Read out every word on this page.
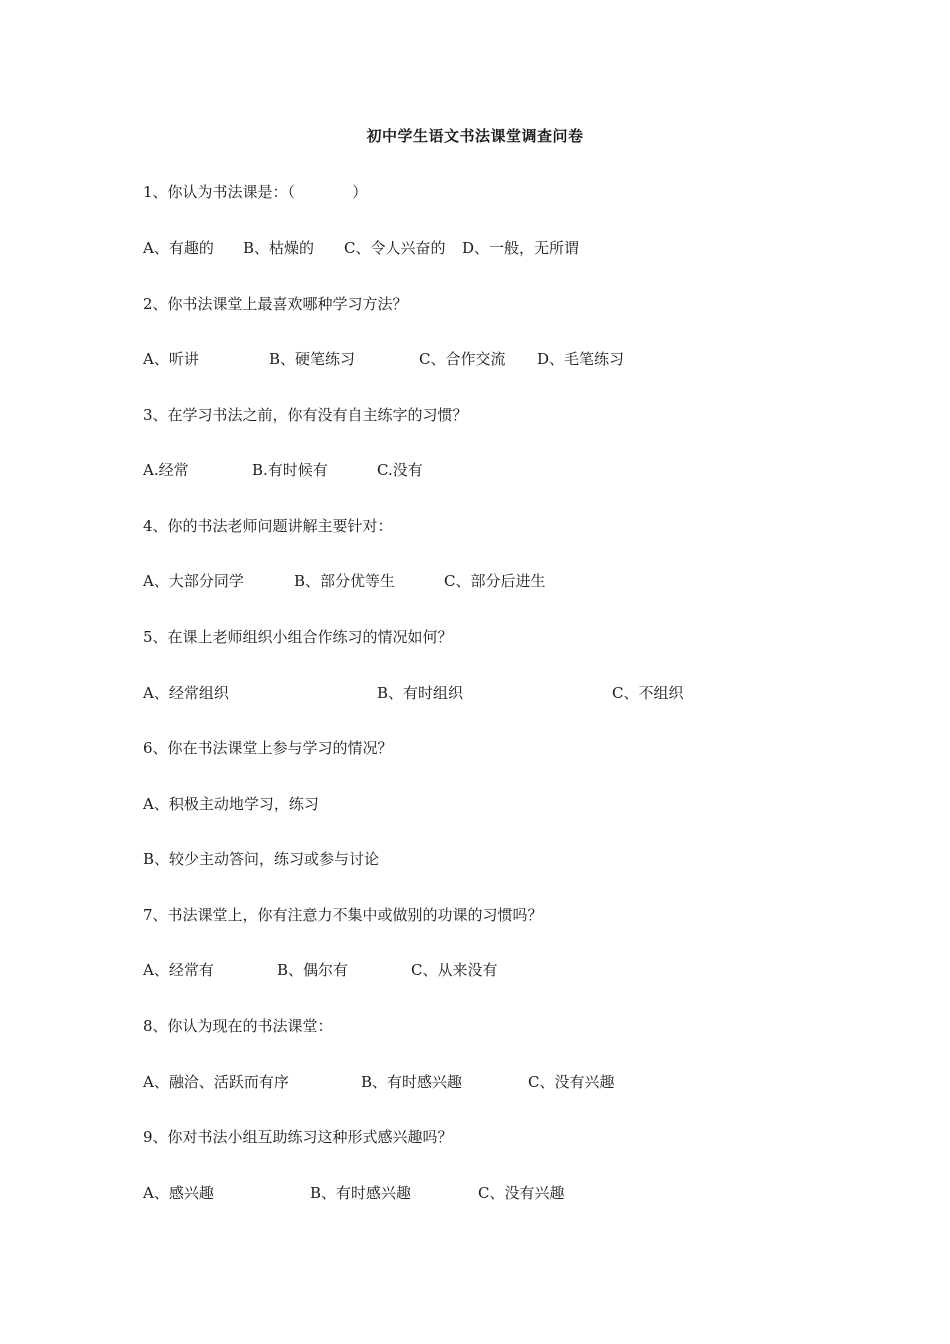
初中学生语文书法课堂调查问卷
1、你认为书法课是：（            ）
A、有趣的 B、枯燥的 C、令人兴奋的 D、一般，无所谓
2、你书法课堂上最喜欢哪种学习方法？
A、听讲	B、硬笔练习	C、合作交流 D、毛笔练习
3、在学习书法之前，你有没有自主练字的习惯？
A.经常	B.有时候有	C.没有
4、你的书法老师问题讲解主要针对：
A、大部分同学	B、部分优等生	C、部分后进生
5、在课上老师组织小组合作练习的情况如何？
A、经常组织	B、有时组织	C、不组织
6、你在书法课堂上参与学习的情况？
A、积极主动地学习，练习
B、较少主动答问，练习或参与讨论
7、书法课堂上，你有注意力不集中或做别的功课的习惯吗？
A、经常有	B、偶尔有	C、从来没有
8、你认为现在的书法课堂：
A、融洽、活跃而有序	B、有时感兴趣	C、没有兴趣
9、你对书法小组互助练习这种形式感兴趣吗？
A、感兴趣	B、有时感兴趣	C、没有兴趣
